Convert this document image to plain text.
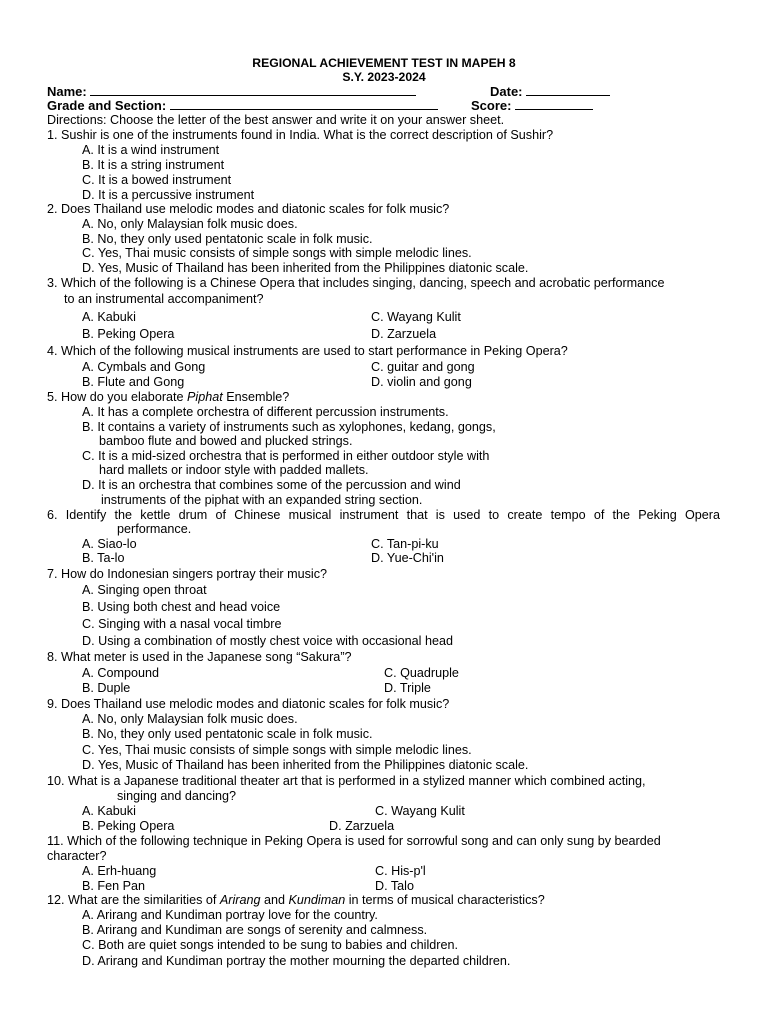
REGIONAL ACHIEVEMENT TEST IN MAPEH 8
S.Y. 2023-2024
Name:	Date:
Grade and Section:	Score:
Directions: Choose the letter of the best answer and write it on your answer sheet.
1. Sushir is one of the instruments found in India. What is the correct description of Sushir?
A. It is a wind instrument
B. It is a string instrument
C. It is a bowed instrument
D. It is a percussive instrument
2. Does Thailand use melodic modes and diatonic scales for folk music?
A. No, only Malaysian folk music does.
B. No, they only used pentatonic scale in folk music.
C. Yes, Thai music consists of simple songs with simple melodic lines.
D. Yes, Music of Thailand has been inherited from the Philippines diatonic scale.
3. Which of the following is a Chinese Opera that includes singing, dancing, speech and acrobatic performance
to an instrumental accompaniment?
A. Kabuki	C. Wayang Kulit
B. Peking Opera	D. Zarzuela
4. Which of the following musical instruments are used to start performance in Peking Opera?
A. Cymbals and Gong	C. guitar and gong
B. Flute and Gong	D. violin and gong
5. How do you elaborate Piphat Ensemble?
A. It has a complete orchestra of different percussion instruments.
B. It contains a variety of instruments such as xylophones, kedang, gongs,
bamboo flute and bowed and plucked strings.
C. It is a mid-sized orchestra that is performed in either outdoor style with
hard mallets or indoor style with padded mallets.
D. It is an orchestra that combines some of the percussion and wind
instruments of the piphat with an expanded string section.
6. Identify the kettle drum of Chinese musical instrument that is used to create tempo of the Peking Opera
performance.
A. Siao-lo	C. Tan-pi-ku
B. Ta-lo	D. Yue-Chi'in
7. How do Indonesian singers portray their music?
A. Singing open throat
B. Using both chest and head voice
C. Singing with a nasal vocal timbre
D. Using a combination of mostly chest voice with occasional head
8. What meter is used in the Japanese song “Sakura”?
A. Compound	C. Quadruple
B. Duple	D. Triple
9. Does Thailand use melodic modes and diatonic scales for folk music?
A. No, only Malaysian folk music does.
B. No, they only used pentatonic scale in folk music.
C. Yes, Thai music consists of simple songs with simple melodic lines.
D. Yes, Music of Thailand has been inherited from the Philippines diatonic scale.
10. What is a Japanese traditional theater art that is performed in a stylized manner which combined acting,
singing and dancing?
A. Kabuki	C. Wayang Kulit
B. Peking Opera	D. Zarzuela
11. Which of the following technique in Peking Opera is used for sorrowful song and can only sung by bearded
character?
A. Erh-huang	C. His-p'l
B. Fen Pan	D. Talo
12. What are the similarities of Arirang and Kundiman in terms of musical characteristics?
A. Arirang and Kundiman portray love for the country.
B. Arirang and Kundiman are songs of serenity and calmness.
C. Both are quiet songs intended to be sung to babies and children.
D. Arirang and Kundiman portray the mother mourning the departed children.
